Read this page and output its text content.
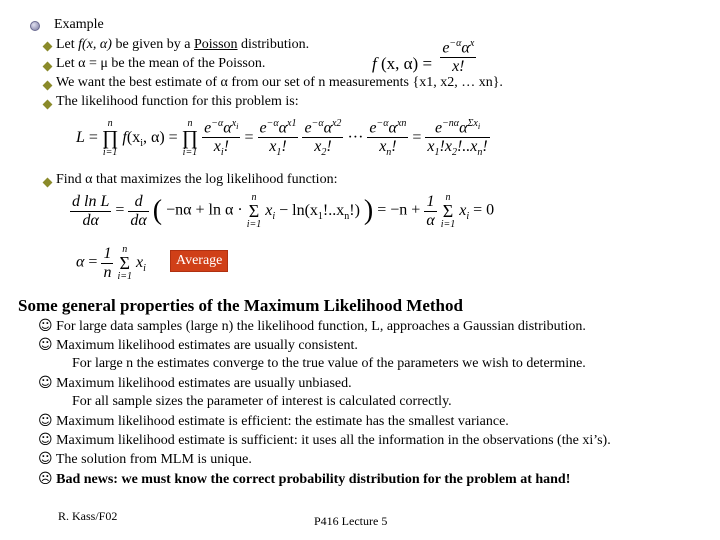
Example
Let f(x, α) be given by a Poisson distribution.
Let α = μ be the mean of the Poisson.
We want the best estimate of α from our set of n measurements {x1, x2, … xn}.
The likelihood function for this problem is:
f (x, $\alpha) = \frac{e^{-\alpha}\alpha^x}{x!}$
L =
n
∏
i=1
$f(x_i$, α) =
n
∏
i=1
$\frac{e^{-\alpha}\alpha^{x_i}}{x_i!} = \frac{e^{-\alpha}\alpha^{x1}}{x_1!}$
$\frac{e^{-\alpha}\alpha^{x2}}{x_2!}$ ··· $\frac{e^{-\alpha}\alpha^{xn}}{x_n!} = \frac{e^{-n\alpha}\alpha^{\Sigma x_i}}{x_1!x_2!..x_n!}$
Find α that maximizes the log likelihood function:
$\frac{\text{d ln L}}{d\alpha} = \frac{d}{d\alpha}$ ( −nα + ln α ·
n
Σ
i=1
$x_i - \ln(x_1!..x_n!)$ ) = $-n + \frac{1}{\alpha}$
n
Σ
i=1
$x_i = 0$
$\alpha = \frac{1}{n}$
n
Σ
i=1
$x_i$
Average
Some general properties of the Maximum Likelihood Method
☺ For large data samples (large n) the likelihood function, L, approaches a Gaussian distribution.
☺ Maximum likelihood estimates are usually consistent.
For large n the estimates converge to the true value of the parameters we wish to determine.
☺ Maximum likelihood estimates are usually unbiased.
For all sample sizes the parameter of interest is calculated correctly.
☺ Maximum likelihood estimate is efficient: the estimate has the smallest variance.
☺ Maximum likelihood estimate is sufficient: it uses all the information in the observations (the xi’s).
☺ The solution from MLM is unique.
☹ Bad news: we must know the correct probability distribution for the problem at hand!
R. Kass/F02	P416 Lecture 5
